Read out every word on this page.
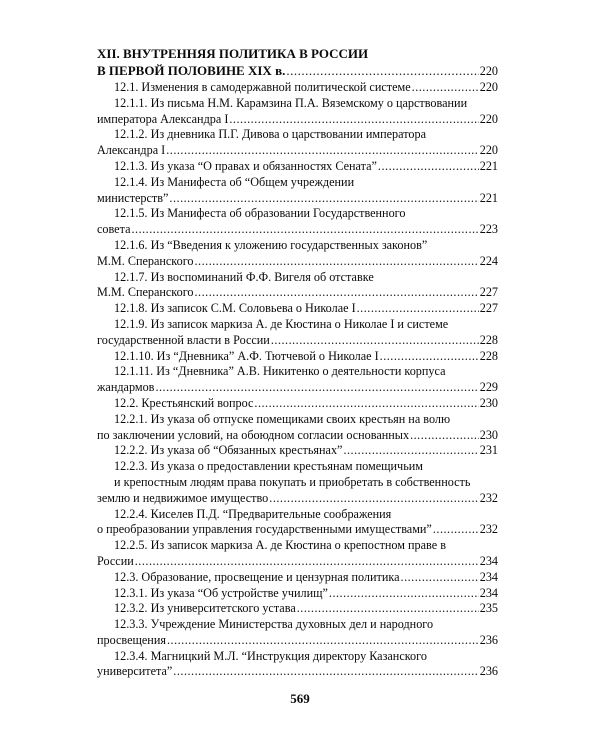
XII. ВНУТРЕННЯЯ ПОЛИТИКА В РОССИИ
В ПЕРВОЙ ПОЛОВИНЕ XIX в. .....	220
12.1. Изменения в самодержавной политической системе .....	220
12.1.1. Из письма Н.М. Карамзина П.А. Вяземскому о царствовании
императора Александра I .....	220
12.1.2. Из дневника П.Г. Дивова о царствовании императора
Александра I .....	220
12.1.3. Из указа “О правах и обязанностях Сената” .....	221
12.1.4. Из Манифеста об “Общем учреждении
министерств” .....	221
12.1.5. Из Манифеста об образовании Государственного
совета .....	223
12.1.6. Из “Введения к уложению государственных законов”
М.М. Сперанского .....	224
12.1.7. Из воспоминаний Ф.Ф. Вигеля об отставке
М.М. Сперанского .....	227
12.1.8. Из записок С.М. Соловьева о Николае I .....	227
12.1.9. Из записок маркиза А. де Кюстина о Николае I и системе
государственной власти в России .....	228
12.1.10. Из “Дневника” А.Ф. Тютчевой о Николае I .....	228
12.1.11. Из “Дневника” А.В. Никитенко о деятельности корпуса
жандармов .....	229
12.2. Крестьянский вопрос .....	230
12.2.1. Из указа об отпуске помещиками своих крестьян на волю
по заключении условий, на обоюдном согласии основанных .....	230
12.2.2. Из указа об “Обязанных крестьянах” .....	231
12.2.3. Из указа о предоставлении крестьянам помещичьим
и крепостным людям права покупать и приобретать в собственность
землю и недвижимое имущество .....	232
12.2.4. Киселев П.Д. “Предварительные соображения
о преобразовании управления государственными имуществами” .....	232
12.2.5. Из записок маркиза А. де Кюстина о крепостном праве в
России .....	234
12.3. Образование, просвещение и цензурная политика .....	234
12.3.1. Из указа “Об устройстве училищ” .....	234
12.3.2. Из университетского устава .....	235
12.3.3. Учреждение Министерства духовных дел и народного
просвещения .....	236
12.3.4. Магницкий М.Л. “Инструкция директору Казанского
университета” .....	236
569
